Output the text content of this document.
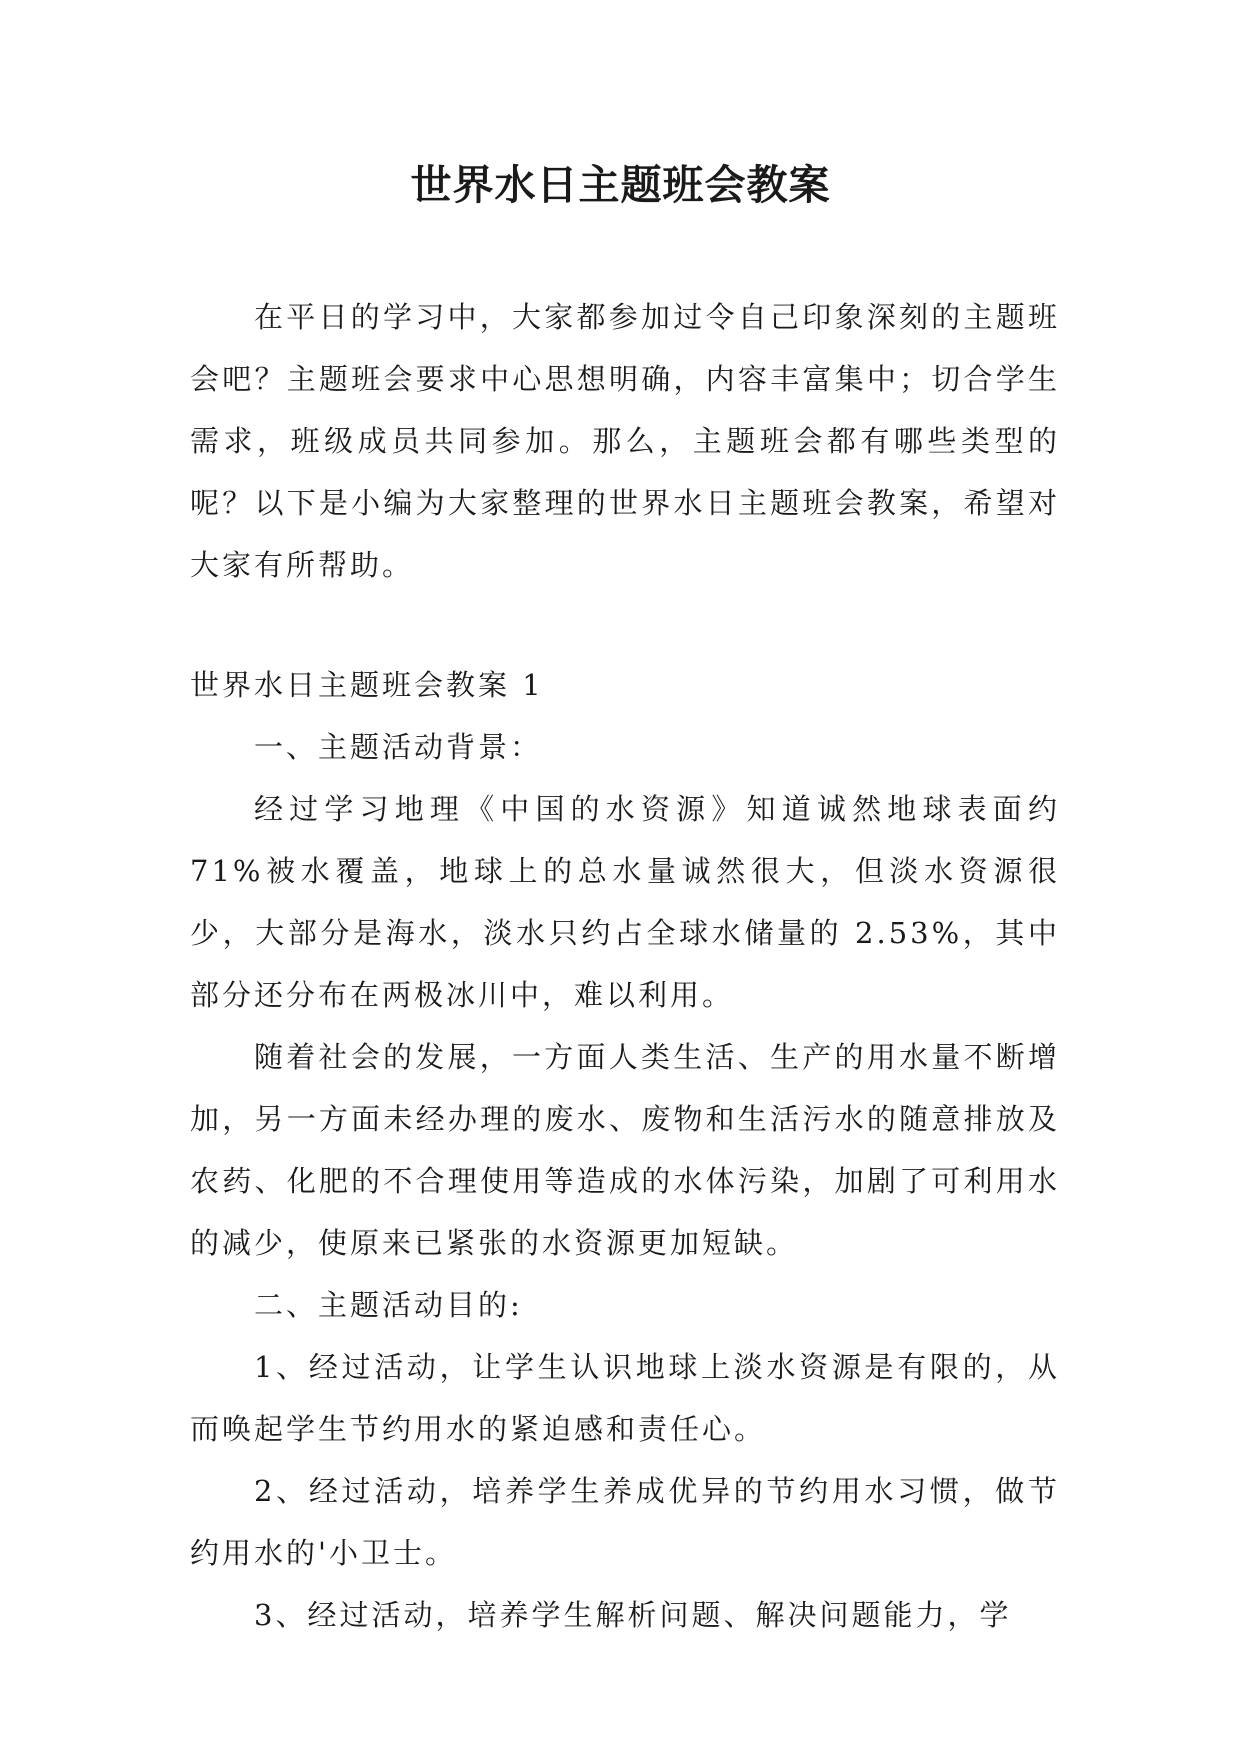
世界水日主题班会教案

在平日的学习中，大家都参加过令自己印象深刻的主题班会吧？主题班会要求中心思想明确，内容丰富集中；切合学生需求，班级成员共同参加。那么，主题班会都有哪些类型的呢？以下是小编为大家整理的世界水日主题班会教案，希望对大家有所帮助。

世界水日主题班会教案 1

一、主题活动背景：

经过学习地理《中国的水资源》知道诚然地球表面约 71%被水覆盖，地球上的总水量诚然很大，但淡水资源很少，大部分是海水，淡水只约占全球水储量的 2.53%，其中部分还分布在两极冰川中，难以利用。

随着社会的发展，一方面人类生活、生产的用水量不断增加，另一方面未经办理的废水、废物和生活污水的随意排放及农药、化肥的不合理使用等造成的水体污染，加剧了可利用水的减少，使原来已紧张的水资源更加短缺。

二、主题活动目的:

1、经过活动，让学生认识地球上淡水资源是有限的，从而唤起学生节约用水的紧迫感和责任心。

2、经过活动，培养学生养成优异的节约用水习惯，做节约用水的'小卫士。

3、经过活动，培养学生解析问题、解决问题能力，学
